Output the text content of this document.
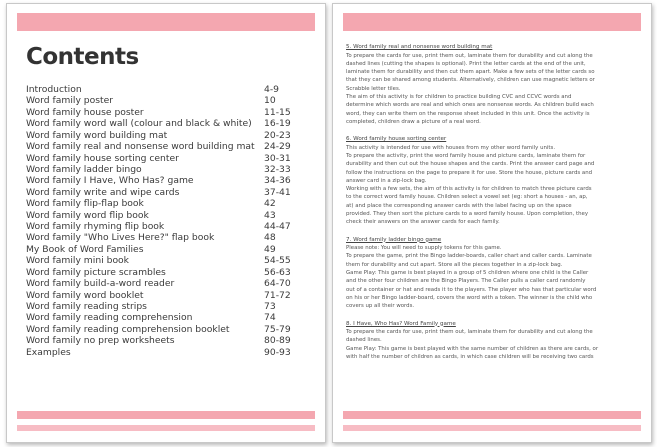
Contents
Introduction	4-9
Word family poster	10
Word family house poster	11-15
Word family word wall (colour and black & white) 16-19
Word family word building mat	20-23
Word family real and nonsense word building mat 24-29
Word family house sorting center	30-31
Word family ladder bingo	32-33
Word family I Have, Who Has? game	34-36
Word family write and wipe cards	37-41
Word family flip-flap book	42
Word family word flip book	43
Word family rhyming flip book	44-47
Word family "Who Lives Here?" flap book	48
My Book of Word Families	49
Word family mini book	54-55
Word family picture scrambles	56-63
Word family build-a-word reader	64-70
Word family word booklet	71-72
Word family reading strips	73
Word family reading comprehension	74
Word family reading comprehension booklet	75-79
Word family no prep worksheets	80-89
Examples	90-93
5. Word family real and nonsense word building mat

To prepare the cards for use, print them out, laminate them for durability and cut along the

dashed lines (cutting the shapes is optional). Print the letter cards at the end of the unit,

laminate them for durability and then cut them apart. Make a few sets of the letter cards so

that they can be shared among students. Alternatively, children can use magnetic letters or

Scrabble letter tiles.

The aim of this activity is for children to practice building CVC and CCVC words and

determine which words are real and which ones are nonsense words. As children build each

word, they can write them on the response sheet included in this unit. Once the activity is

completed, children draw a picture of a real word.

6. Word family house sorting center

This activity is intended for use with houses from my other word family units.

To prepare the activity, print the word family house and picture cards, laminate them for

durability and then cut out the house shapes and the cards. Print the answer card page and

follow the instructions on the page to prepare it for use. Store the house, picture cards and

answer card in a zip-lock bag.

Working with a few sets, the aim of this activity is for children to match three picture cards

to the correct word family house. Children select a vowel set (eg: short a houses - an, ap,

at) and place the corresponding answer cards with the label facing up on the space

provided. They then sort the picture cards to a word family house. Upon completion, they

check their answers on the answer cards for each family.

7. Word family ladder bingo game

Please note: You will need to supply tokens for this game.

To prepare the game, print the Bingo ladder-boards, caller chart and caller cards. Laminate

them for durability and cut apart. Store all the pieces together in a zip-lock bag.

Game Play: This game is best played in a group of 5 children where one child is the Caller

and the other four children are the Bingo Players. The Caller pulls a caller card randomly

out of a container or hat and reads it to the players. The player who has that particular word

on his or her Bingo ladder-board, covers the word with a token. The winner is the child who

covers up all their words.

8. I Have, Who Has? Word Family game

To prepare the cards for use, print them out, laminate them for durability and cut along the

dashed lines.

Game Play: This game is best played with the same number of children as there are cards, or

with half the number of children as cards, in which case children will be receiving two cards
